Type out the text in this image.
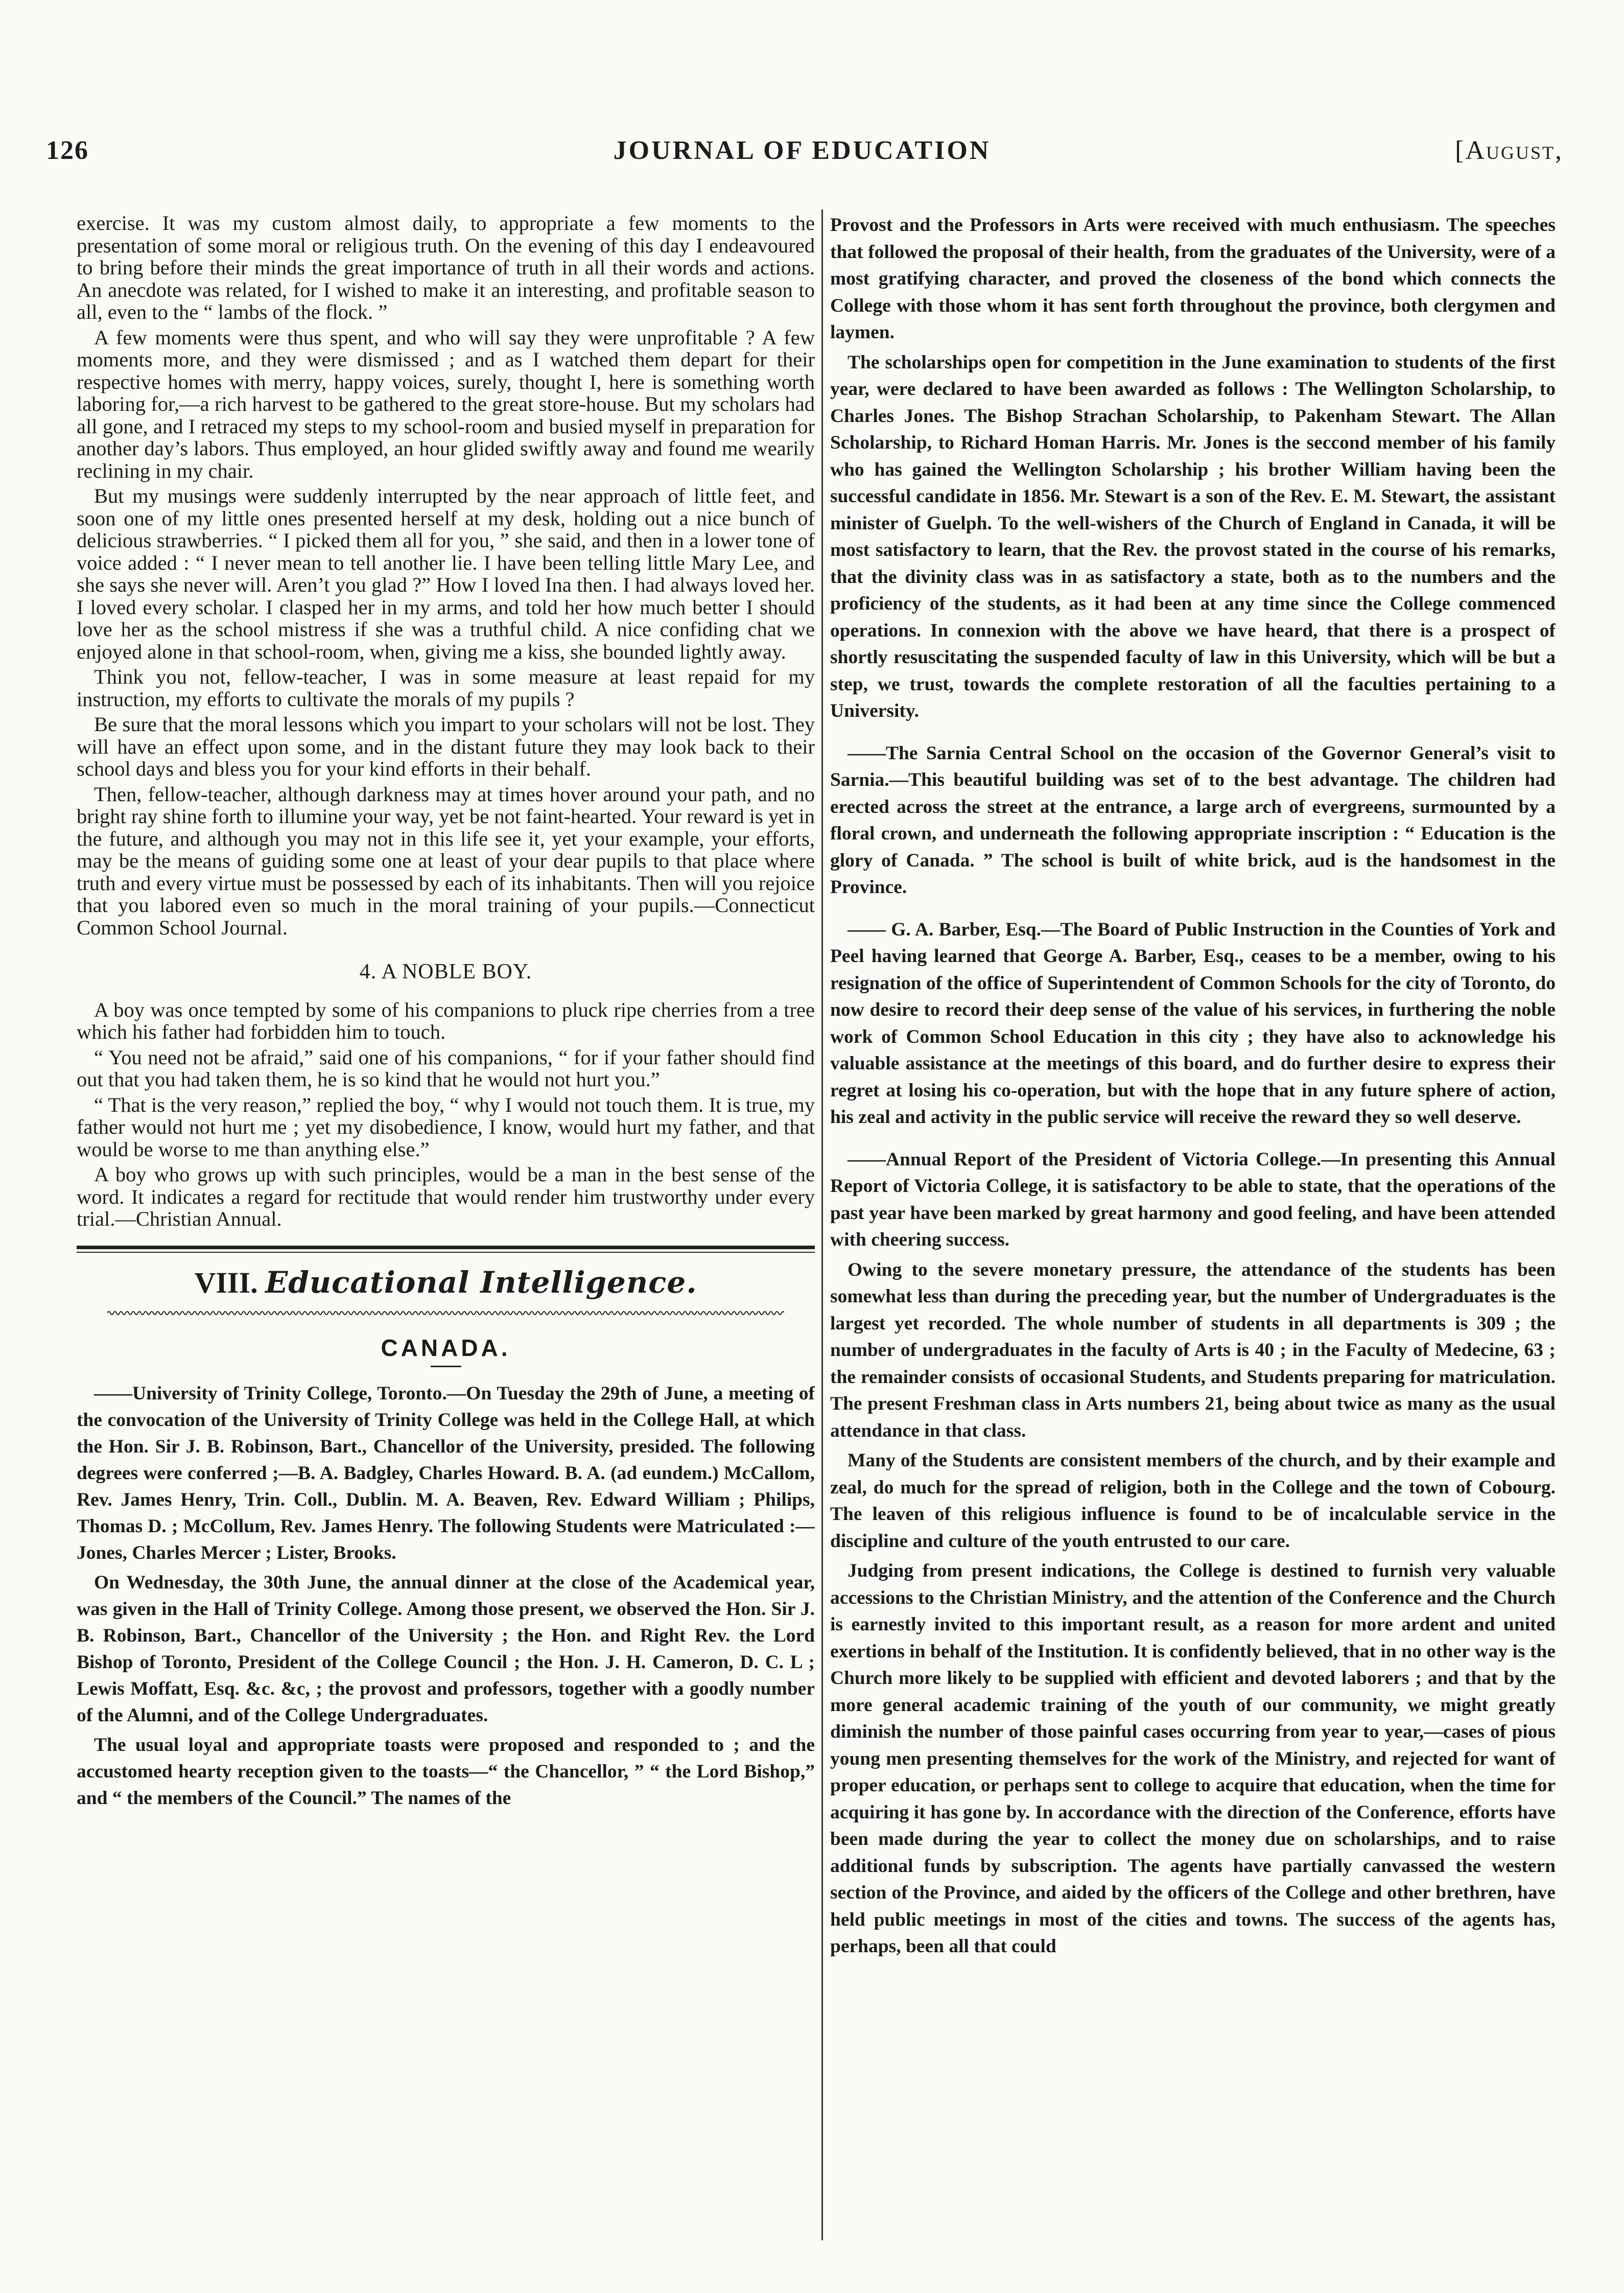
126	JOURNAL OF EDUCATION	[August,

exercise. It was my custom almost daily, to appropriate a few moments to the presentation of some moral or religious truth. On the evening of this day I endeavoured to bring before their minds the great importance of truth in all their words and actions. An anecdote was related, for I wished to make it an interesting, and profitable season to all, even to the “ lambs of the flock. ”

A few moments were thus spent, and who will say they were unprofitable ? A few moments more, and they were dismissed ; and as I watched them depart for their respective homes with merry, happy voices, surely, thought I, here is something worth laboring for,—a rich harvest to be gathered to the great store-house. But my scholars had all gone, and I retraced my steps to my school-room and busied myself in preparation for another day’s labors. Thus employed, an hour glided swiftly away and found me wearily reclining in my chair.

But my musings were suddenly interrupted by the near approach of little feet, and soon one of my little ones presented herself at my desk, holding out a nice bunch of delicious strawberries. “ I picked them all for you, ” she said, and then in a lower tone of voice added : “ I never mean to tell another lie. I have been telling little Mary Lee, and she says she never will. Aren’t you glad ?” How I loved Ina then. I had always loved her. I loved every scholar. I clasped her in my arms, and told her how much better I should love her as the school mistress if she was a truthful child. A nice confiding chat we enjoyed alone in that school-room, when, giving me a kiss, she bounded lightly away.

Think you not, fellow-teacher, I was in some measure at least repaid for my instruction, my efforts to cultivate the morals of my pupils ?

Be sure that the moral lessons which you impart to your scholars will not be lost. They will have an effect upon some, and in the distant future they may look back to their school days and bless you for your kind efforts in their behalf.

Then, fellow-teacher, although darkness may at times hover around your path, and no bright ray shine forth to illumine your way, yet be not faint-hearted. Your reward is yet in the future, and although you may not in this life see it, yet your example, your efforts, may be the means of guiding some one at least of your dear pupils to that place where truth and every virtue must be possessed by each of its inhabitants. Then will you rejoice that you labored even so much in the moral training of your pupils.—Connecticut Common School Journal.

4. A NOBLE BOY.

A boy was once tempted by some of his companions to pluck ripe cherries from a tree which his father had forbidden him to touch.

“ You need not be afraid,” said one of his companions, “ for if your father should find out that you had taken them, he is so kind that he would not hurt you.”

“ That is the very reason,” replied the boy, “ why I would not touch them. It is true, my father would not hurt me ; yet my disobedience, I know, would hurt my father, and that would be worse to me than anything else.”

A boy who grows up with such principles, would be a man in the best sense of the word. It indicates a regard for rectitude that would render him trustworthy under every trial.—Christian Annual.

VIII. Educational Intelligence.
CANADA.

——University of Trinity College, Toronto.—On Tuesday the 29th of June, a meeting of the convocation of the University of Trinity College was held in the College Hall, at which the Hon. Sir J. B. Robinson, Bart., Chancellor of the University, presided. The following degrees were conferred ;—B. A. Badgley, Charles Howard. B. A. (ad eundem.) McCallom, Rev. James Henry, Trin. Coll., Dublin. M. A. Beaven, Rev. Edward William ; Philips, Thomas D. ; McCollum, Rev. James Henry. The following Students were Matriculated :—Jones, Charles Mercer ; Lister, Brooks.

On Wednesday, the 30th June, the annual dinner at the close of the Academical year, was given in the Hall of Trinity College. Among those present, we observed the Hon. Sir J. B. Robinson, Bart., Chancellor of the University ; the Hon. and Right Rev. the Lord Bishop of Toronto, President of the College Council ; the Hon. J. H. Cameron, D. C. L ; Lewis Moffatt, Esq. &c. &c, ; the provost and professors, together with a goodly number of the Alumni, and of the College Undergraduates.

The usual loyal and appropriate toasts were proposed and responded to ; and the accustomed hearty reception given to the toasts—“ the Chancellor, ” “ the Lord Bishop,” and “ the members of the Council.” The names of the

Provost and the Professors in Arts were received with much enthusiasm. The speeches that followed the proposal of their health, from the graduates of the University, were of a most gratifying character, and proved the closeness of the bond which connects the College with those whom it has sent forth throughout the province, both clergymen and laymen.

The scholarships open for competition in the June examination to students of the first year, were declared to have been awarded as follows : The Wellington Scholarship, to Charles Jones. The Bishop Strachan Scholarship, to Pakenham Stewart. The Allan Scholarship, to Richard Homan Harris. Mr. Jones is the seccond member of his family who has gained the Wellington Scholarship ; his brother William having been the successful candidate in 1856. Mr. Stewart is a son of the Rev. E. M. Stewart, the assistant minister of Guelph. To the well-wishers of the Church of England in Canada, it will be most satisfactory to learn, that the Rev. the provost stated in the course of his remarks, that the divinity class was in as satisfactory a state, both as to the numbers and the proficiency of the students, as it had been at any time since the College commenced operations. In connexion with the above we have heard, that there is a prospect of shortly resuscitating the suspended faculty of law in this University, which will be but a step, we trust, towards the complete restoration of all the faculties pertaining to a University.

——The Sarnia Central School on the occasion of the Governor General’s visit to Sarnia.—This beautiful building was set of to the best advantage. The children had erected across the street at the entrance, a large arch of evergreens, surmounted by a floral crown, and underneath the following appropriate inscription : “ Education is the glory of Canada. ” The school is built of white brick, aud is the handsomest in the Province.

—— G. A. Barber, Esq.—The Board of Public Instruction in the Counties of York and Peel having learned that George A. Barber, Esq., ceases to be a member, owing to his resignation of the office of Superintendent of Common Schools for the city of Toronto, do now desire to record their deep sense of the value of his services, in furthering the noble work of Common School Education in this city ; they have also to acknowledge his valuable assistance at the meetings of this board, and do further desire to express their regret at losing his co-operation, but with the hope that in any future sphere of action, his zeal and activity in the public service will receive the reward they so well deserve.

——Annual Report of the President of Victoria College.—In presenting this Annual Report of Victoria College, it is satisfactory to be able to state, that the operations of the past year have been marked by great harmony and good feeling, and have been attended with cheering success.

Owing to the severe monetary pressure, the attendance of the students has been somewhat less than during the preceding year, but the number of Undergraduates is the largest yet recorded. The whole number of students in all departments is 309 ; the number of undergraduates in the faculty of Arts is 40 ; in the Faculty of Medecine, 63 ; the remainder consists of occasional Students, and Students preparing for matriculation. The present Freshman class in Arts numbers 21, being about twice as many as the usual attendance in that class.

Many of the Students are consistent members of the church, and by their example and zeal, do much for the spread of religion, both in the College and the town of Cobourg. The leaven of this religious influence is found to be of incalculable service in the discipline and culture of the youth entrusted to our care.

Judging from present indications, the College is destined to furnish very valuable accessions to the Christian Ministry, and the attention of the Conference and the Church is earnestly invited to this important result, as a reason for more ardent and united exertions in behalf of the Institution. It is confidently believed, that in no other way is the Church more likely to be supplied with efficient and devoted laborers ; and that by the more general academic training of the youth of our community, we might greatly diminish the number of those painful cases occurring from year to year,—cases of pious young men presenting themselves for the work of the Ministry, and rejected for want of proper education, or perhaps sent to college to acquire that education, when the time for acquiring it has gone by. In accordance with the direction of the Conference, efforts have been made during the year to collect the money due on scholarships, and to raise additional funds by subscription. The agents have partially canvassed the western section of the Province, and aided by the officers of the College and other brethren, have held public meetings in most of the cities and towns. The success of the agents has, perhaps, been all that could
